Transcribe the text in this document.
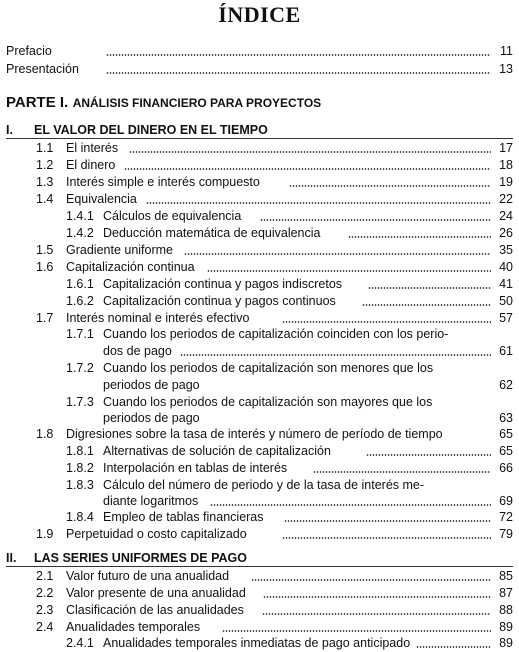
ÍNDICE
Prefacio	11
Presentación	13
PARTE I. ANÁLISIS FINANCIERO PARA PROYECTOS
I. EL VALOR DEL DINERO EN EL TIEMPO
1.1 El interés	17
1.2 El dinero	18
1.3 Interés simple e interés compuesto	19
1.4 Equivalencia	22
1.4.1 Cálculos de equivalencia	24
1.4.2 Deducción matemática de equivalencia	26
1.5 Gradiente uniforme	35
1.6 Capitalización continua	40
1.6.1 Capitalización continua y pagos indiscretos	41
1.6.2 Capitalización continua y pagos continuos	50
1.7 Interés nominal e interés efectivo	57
1.7.1 Cuando los periodos de capitalización coinciden con los perio-
dos de pago	61
1.7.2 Cuando los periodos de capitalización son menores que los
periodos de pago	62
1.7.3 Cuando los periodos de capitalización son mayores que los
periodos de pago	63
1.8 Digresiones sobre la tasa de interés y número de período de tiempo	65
1.8.1 Alternativas de solución de capitalización	65
1.8.2 Interpolación en tablas de interés	66
1.8.3 Cálculo del número de periodo y de la tasa de interés me-
diante logaritmos	69
1.8.4 Empleo de tablas financieras	72
1.9 Perpetuidad o costo capitalizado	79
II. LAS SERIES UNIFORMES DE PAGO
2.1 Valor futuro de una anualidad	85
2.2 Valor presente de una anualidad	87
2.3 Clasificación de las anualidades	88
2.4 Anualidades temporales	89
2.4.1 Anualidades temporales inmediatas de pago anticipado	89
